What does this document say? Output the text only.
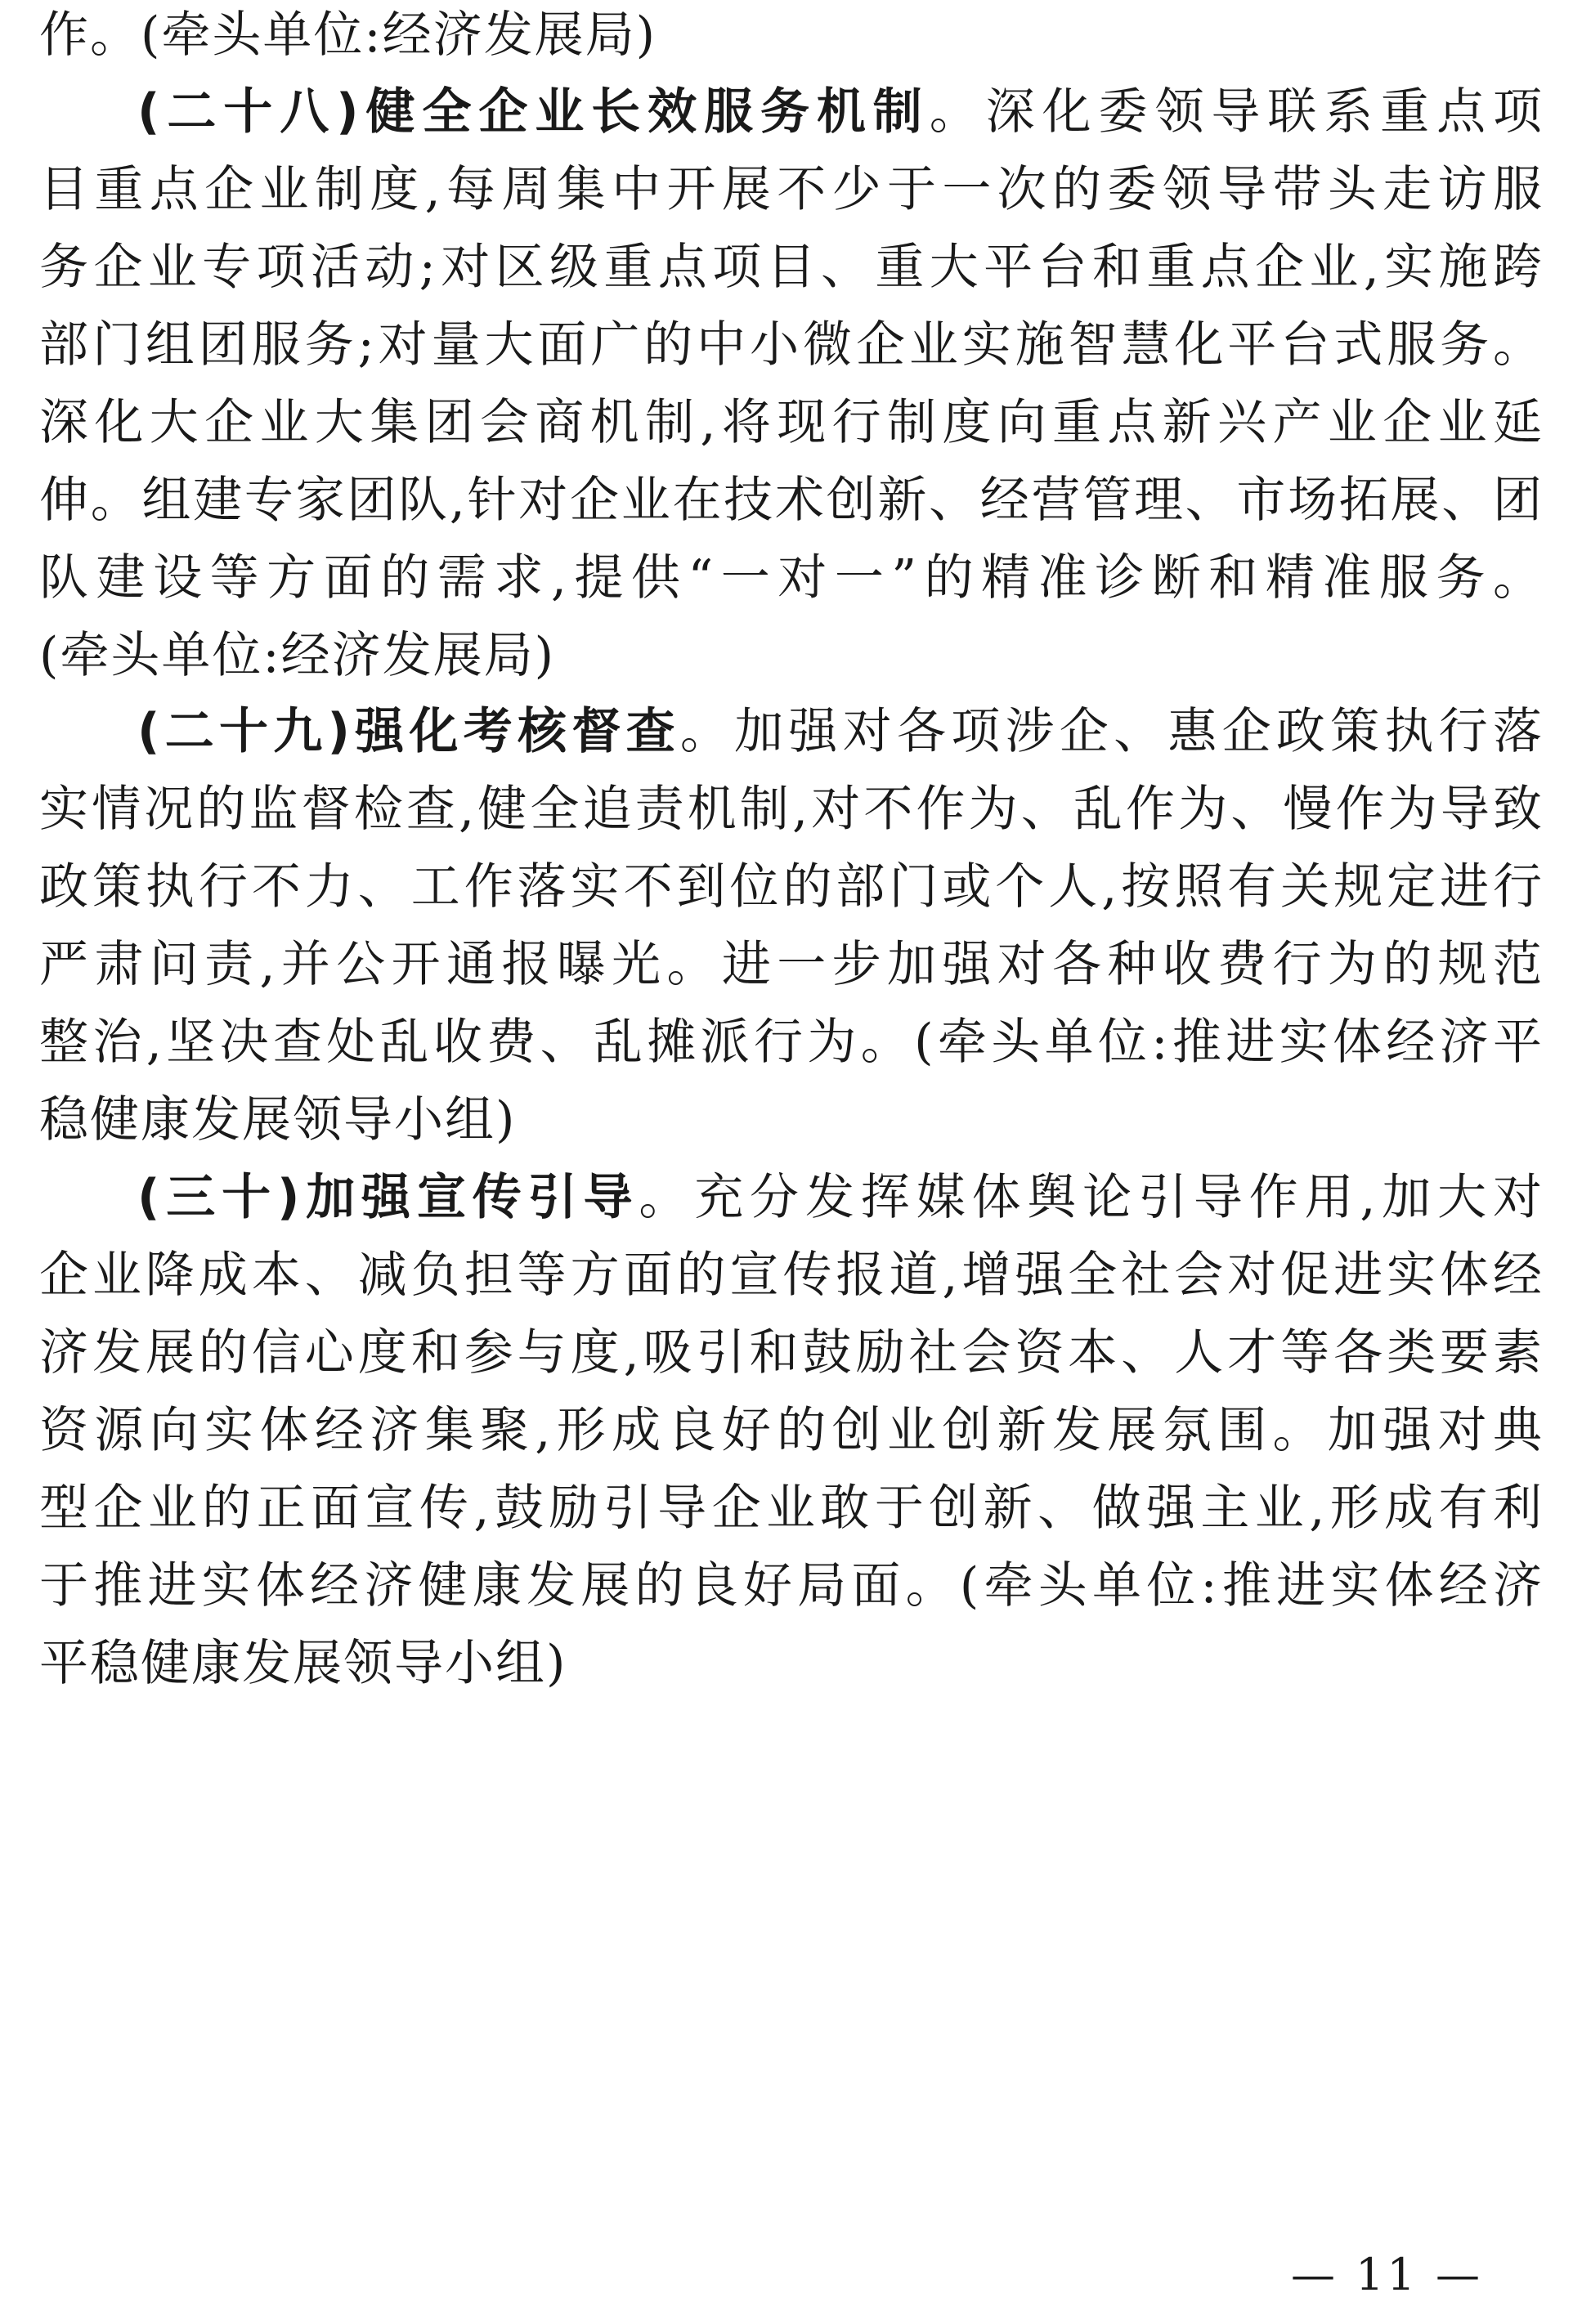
作。(牵头单位:经济发展局)
(二十八)健全企业长效服务机制。深化委领导联系重点项
目重点企业制度,每周集中开展不少于一次的委领导带头走访服
务企业专项活动;对区级重点项目、重大平台和重点企业,实施跨
部门组团服务;对量大面广的中小微企业实施智慧化平台式服务。
深化大企业大集团会商机制,将现行制度向重点新兴产业企业延
伸。组建专家团队,针对企业在技术创新、经营管理、市场拓展、团
队建设等方面的需求,提供“一对一”的精准诊断和精准服务。
(牵头单位:经济发展局)
(二十九)强化考核督查。加强对各项涉企、惠企政策执行落
实情况的监督检查,健全追责机制,对不作为、乱作为、慢作为导致
政策执行不力、工作落实不到位的部门或个人,按照有关规定进行
严肃问责,并公开通报曝光。进一步加强对各种收费行为的规范
整治,坚决查处乱收费、乱摊派行为。(牵头单位:推进实体经济平
稳健康发展领导小组)
(三十)加强宣传引导。充分发挥媒体舆论引导作用,加大对
企业降成本、减负担等方面的宣传报道,增强全社会对促进实体经
济发展的信心度和参与度,吸引和鼓励社会资本、人才等各类要素
资源向实体经济集聚,形成良好的创业创新发展氛围。加强对典
型企业的正面宣传,鼓励引导企业敢于创新、做强主业,形成有利
于推进实体经济健康发展的良好局面。(牵头单位:推进实体经济
平稳健康发展领导小组)
— 11 —
